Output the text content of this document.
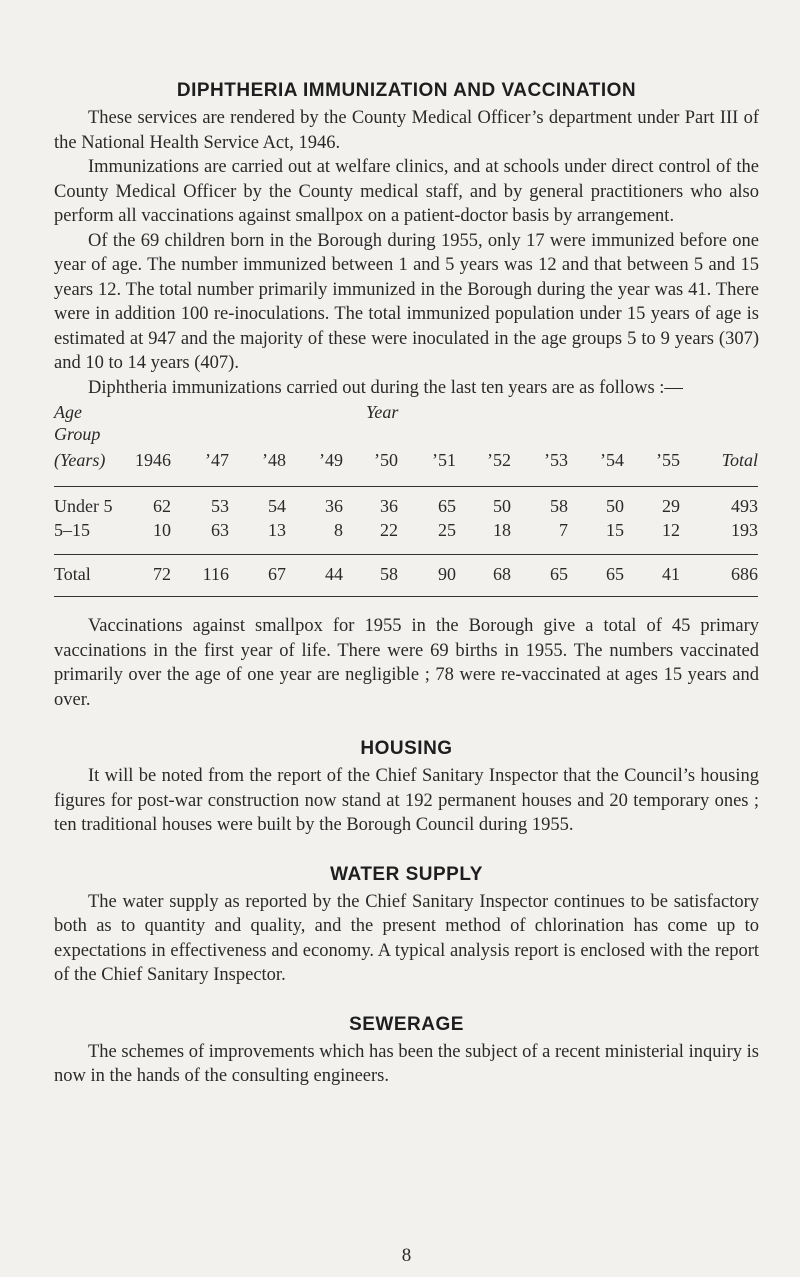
DIPHTHERIA IMMUNIZATION AND VACCINATION

These services are rendered by the County Medical Officer’s department under Part III of the National Health Service Act, 1946.

Immunizations are carried out at welfare clinics, and at schools under direct control of the County Medical Officer by the County medical staff, and by general practitioners who also perform all vaccinations against smallpox on a patient-doctor basis by arrangement.

Of the 69 children born in the Borough during 1955, only 17 were immunized before one year of age. The number immunized between 1 and 5 years was 12 and that between 5 and 15 years 12. The total number primarily immunized in the Borough during the year was 41. There were in addition 100 re-inoculations. The total immunized population under 15 years of age is estimated at 947 and the majority of these were inoculated in the age groups 5 to 9 years (307) and 10 to 14 years (407).

Diphtheria immunizations carried out during the last ten years are as follows :—

Age	Year
Group
(Years)	1946	’47	’48	’49	’50	’51	’52	’53	’54	’55	Total
Under 5	62	53	54	36	36	65	50	58	50	29	493
5–15	10	63	13	8	22	25	18	7	15	12	193
Total	72	116	67	44	58	90	68	65	65	41	686

Vaccinations against smallpox for 1955 in the Borough give a total of 45 primary vaccinations in the first year of life. There were 69 births in 1955. The numbers vaccinated primarily over the age of one year are negligible ; 78 were re-vaccinated at ages 15 years and over.

HOUSING

It will be noted from the report of the Chief Sanitary Inspector that the Council’s housing figures for post-war construction now stand at 192 permanent houses and 20 temporary ones ; ten traditional houses were built by the Borough Council during 1955.

WATER SUPPLY

The water supply as reported by the Chief Sanitary Inspector continues to be satisfactory both as to quantity and quality, and the present method of chlorination has come up to expectations in effectiveness and economy. A typical analysis report is enclosed with the report of the Chief Sanitary Inspector.

SEWERAGE

The schemes of improvements which has been the subject of a recent ministerial inquiry is now in the hands of the consulting engineers.

8
